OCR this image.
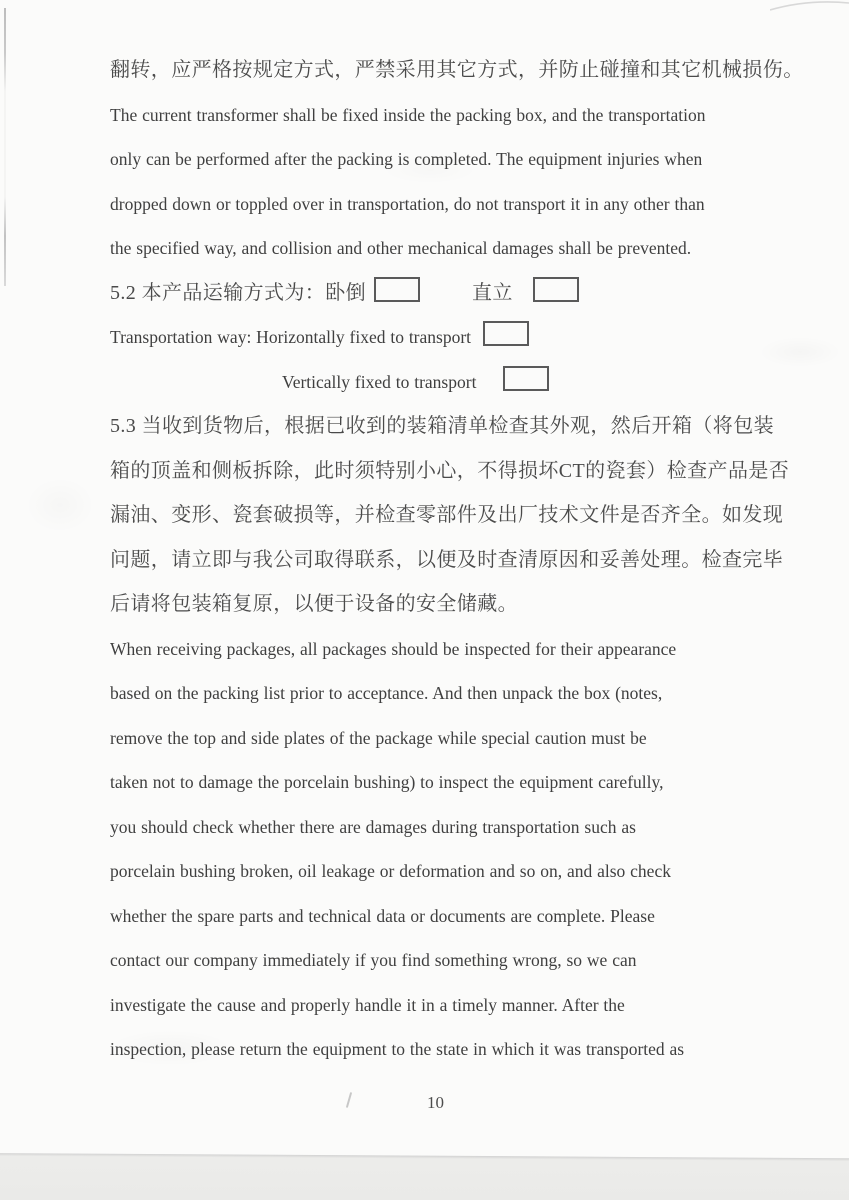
翻转，应严格按规定方式，严禁采用其它方式，并防止碰撞和其它机械损伤。
The current transformer shall be fixed inside the packing box, and the transportation
only can be performed after the packing is completed. The equipment injuries when
dropped down or toppled over in transportation, do not transport it in any other than
the specified way, and collision and other mechanical damages shall be prevented.
5.2 本产品运输方式为：卧倒	直立
Transportation way: Horizontally fixed to transport
Vertically fixed to transport
5.3 当收到货物后，根据已收到的装箱清单检查其外观，然后开箱（将包装
箱的顶盖和侧板拆除，此时须特别小心，不得损坏CT的瓷套）检查产品是否
漏油、变形、瓷套破损等，并检查零部件及出厂技术文件是否齐全。如发现
问题，请立即与我公司取得联系，以便及时查清原因和妥善处理。检查完毕
后请将包装箱复原，以便于设备的安全储藏。
When receiving packages, all packages should be inspected for their appearance
based on the packing list prior to acceptance. And then unpack the box (notes,
remove the top and side plates of the package while special caution must be
taken not to damage the porcelain bushing) to inspect the equipment carefully,
you should check whether there are damages during transportation such as
porcelain bushing broken, oil leakage or deformation and so on, and also check
whether the spare parts and technical data or documents are complete. Please
contact our company immediately if you find something wrong, so we can
investigate the cause and properly handle it in a timely manner. After the
inspection, please return the equipment to the state in which it was transported as
10
